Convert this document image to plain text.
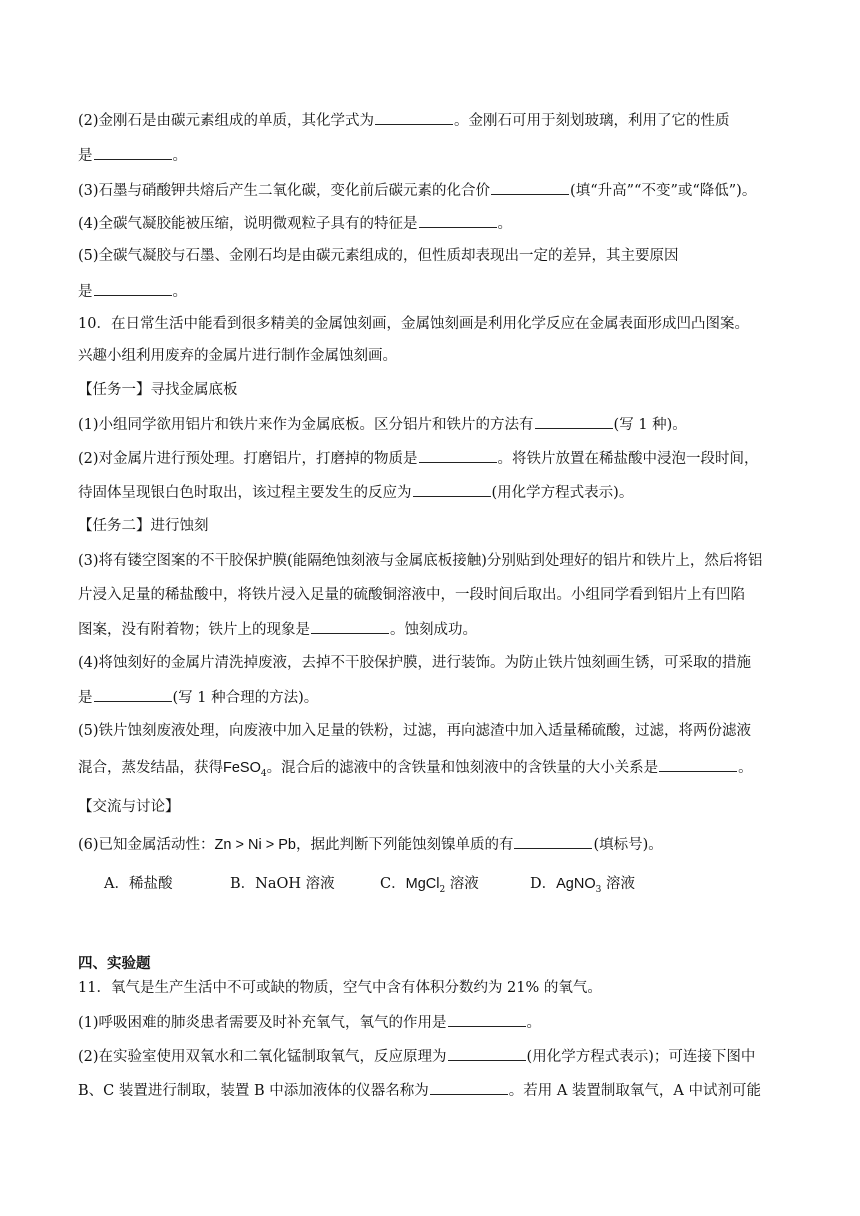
(2)金刚石是由碳元素组成的单质，其化学式为	。金刚石可用于刻划玻璃，利用了它的性质
是	。
(3)石墨与硝酸钾共熔后产生二氧化碳，变化前后碳元素的化合价	(填“升高”“不变”或“降低”)。
(4)全碳气凝胶能被压缩，说明微观粒子具有的特征是	。
(5)全碳气凝胶与石墨、金刚石均是由碳元素组成的，但性质却表现出一定的差异，其主要原因
是	。
10．在日常生活中能看到很多精美的金属蚀刻画，金属蚀刻画是利用化学反应在金属表面形成凹凸图案。
兴趣小组利用废弃的金属片进行制作金属蚀刻画。
【任务一】寻找金属底板
(1)小组同学欲用铝片和铁片来作为金属底板。区分铝片和铁片的方法有	(写 1 种)。
(2)对金属片进行预处理。打磨铝片，打磨掉的物质是	。将铁片放置在稀盐酸中浸泡一段时间，
待固体呈现银白色时取出，该过程主要发生的反应为	(用化学方程式表示)。
【任务二】进行蚀刻
(3)将有镂空图案的不干胶保护膜(能隔绝蚀刻液与金属底板接触)分别贴到处理好的铝片和铁片上，然后将铝
片浸入足量的稀盐酸中，将铁片浸入足量的硫酸铜溶液中，一段时间后取出。小组同学看到铝片上有凹陷
图案，没有附着物；铁片上的现象是	。蚀刻成功。
(4)将蚀刻好的金属片清洗掉废液，去掉不干胶保护膜，进行装饰。为防止铁片蚀刻画生锈，可采取的措施
是	(写 1 种合理的方法)。
(5)铁片蚀刻废液处理，向废液中加入足量的铁粉，过滤，再向滤渣中加入适量稀硫酸，过滤，将两份滤液
混合，蒸发结晶，获得FeSO$_4$。混合后的滤液中的含铁量和蚀刻液中的含铁量的大小关系是	。
【交流与讨论】
(6)已知金属活动性：Zn > Ni > Pb，据此判断下列能蚀刻镍单质的有	(填标号)。
A．稀盐酸	B．NaOH 溶液	C．MgCl$_2$ 溶液	D．AgNO$_3$ 溶液
四、实验题
11．氧气是生产生活中不可或缺的物质，空气中含有体积分数约为 21% 的氧气。
(1)呼吸困难的肺炎患者需要及时补充氧气，氧气的作用是	。
(2)在实验室使用双氧水和二氧化锰制取氧气，反应原理为	(用化学方程式表示)；可连接下图中
B、C 装置进行制取，装置 B 中添加液体的仪器名称为	。若用 A 装置制取氧气，A 中试剂可能
